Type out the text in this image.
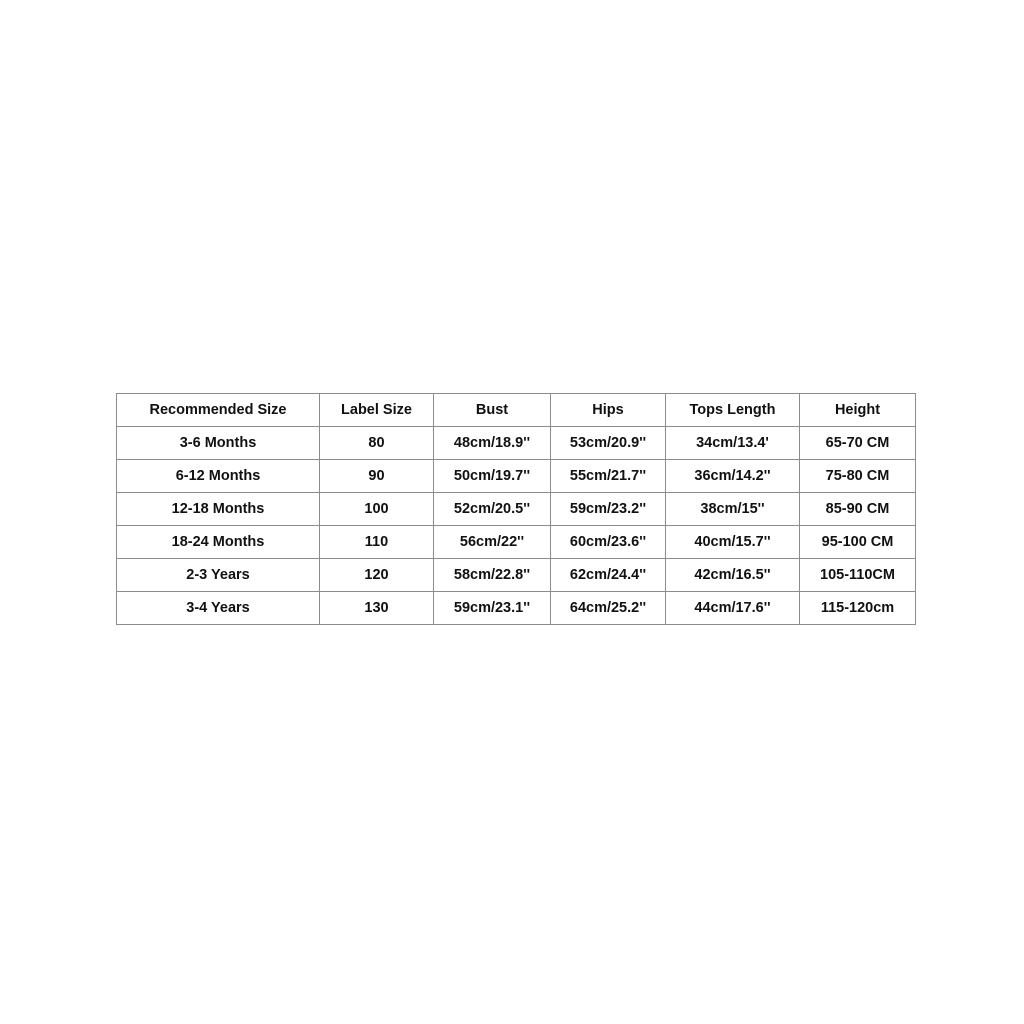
Recommended Size	Label Size	Bust	Hips	Tops Length	Height
3-6 Months	80	48cm/18.9''	53cm/20.9''	34cm/13.4'	65-70 CM
6-12 Months	90	50cm/19.7''	55cm/21.7''	36cm/14.2''	75-80 CM
12-18 Months	100	52cm/20.5''	59cm/23.2''	38cm/15''	85-90 CM
18-24 Months	110	56cm/22''	60cm/23.6''	40cm/15.7''	95-100 CM
2-3 Years	120	58cm/22.8''	62cm/24.4''	42cm/16.5''	105-110CM
3-4 Years	130	59cm/23.1''	64cm/25.2''	44cm/17.6''	115-120cm
